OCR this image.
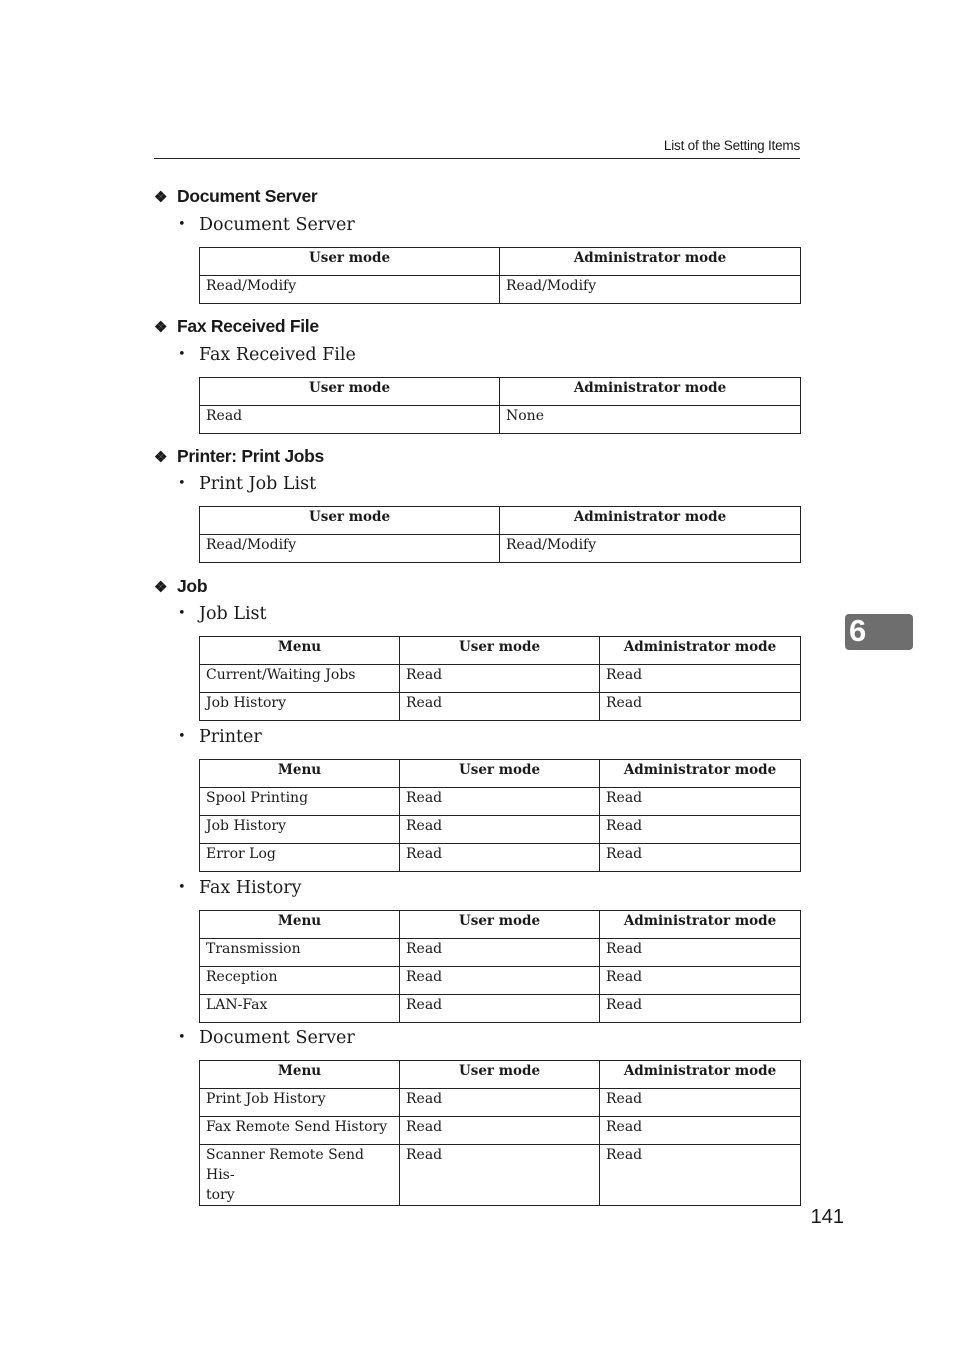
List of the Setting Items
❖ Document Server
• Document Server
User mode	Administrator mode
Read/Modify	Read/Modify
❖ Fax Received File
• Fax Received File
User mode	Administrator mode
Read	None
❖ Printer: Print Jobs
• Print Job List
User mode	Administrator mode
Read/Modify	Read/Modify
❖ Job
• Job List
Menu	User mode	Administrator mode
Current/Waiting Jobs	Read	Read
Job History	Read	Read
• Printer
Menu	User mode	Administrator mode
Spool Printing	Read	Read
Job History	Read	Read
Error Log	Read	Read
• Fax History
Menu	User mode	Administrator mode
Transmission	Read	Read
Reception	Read	Read
LAN-Fax	Read	Read
• Document Server
Menu	User mode	Administrator mode
Print Job History	Read	Read
Fax Remote Send History	Read	Read
Scanner Remote Send His-
tory	Read	Read
6
141
